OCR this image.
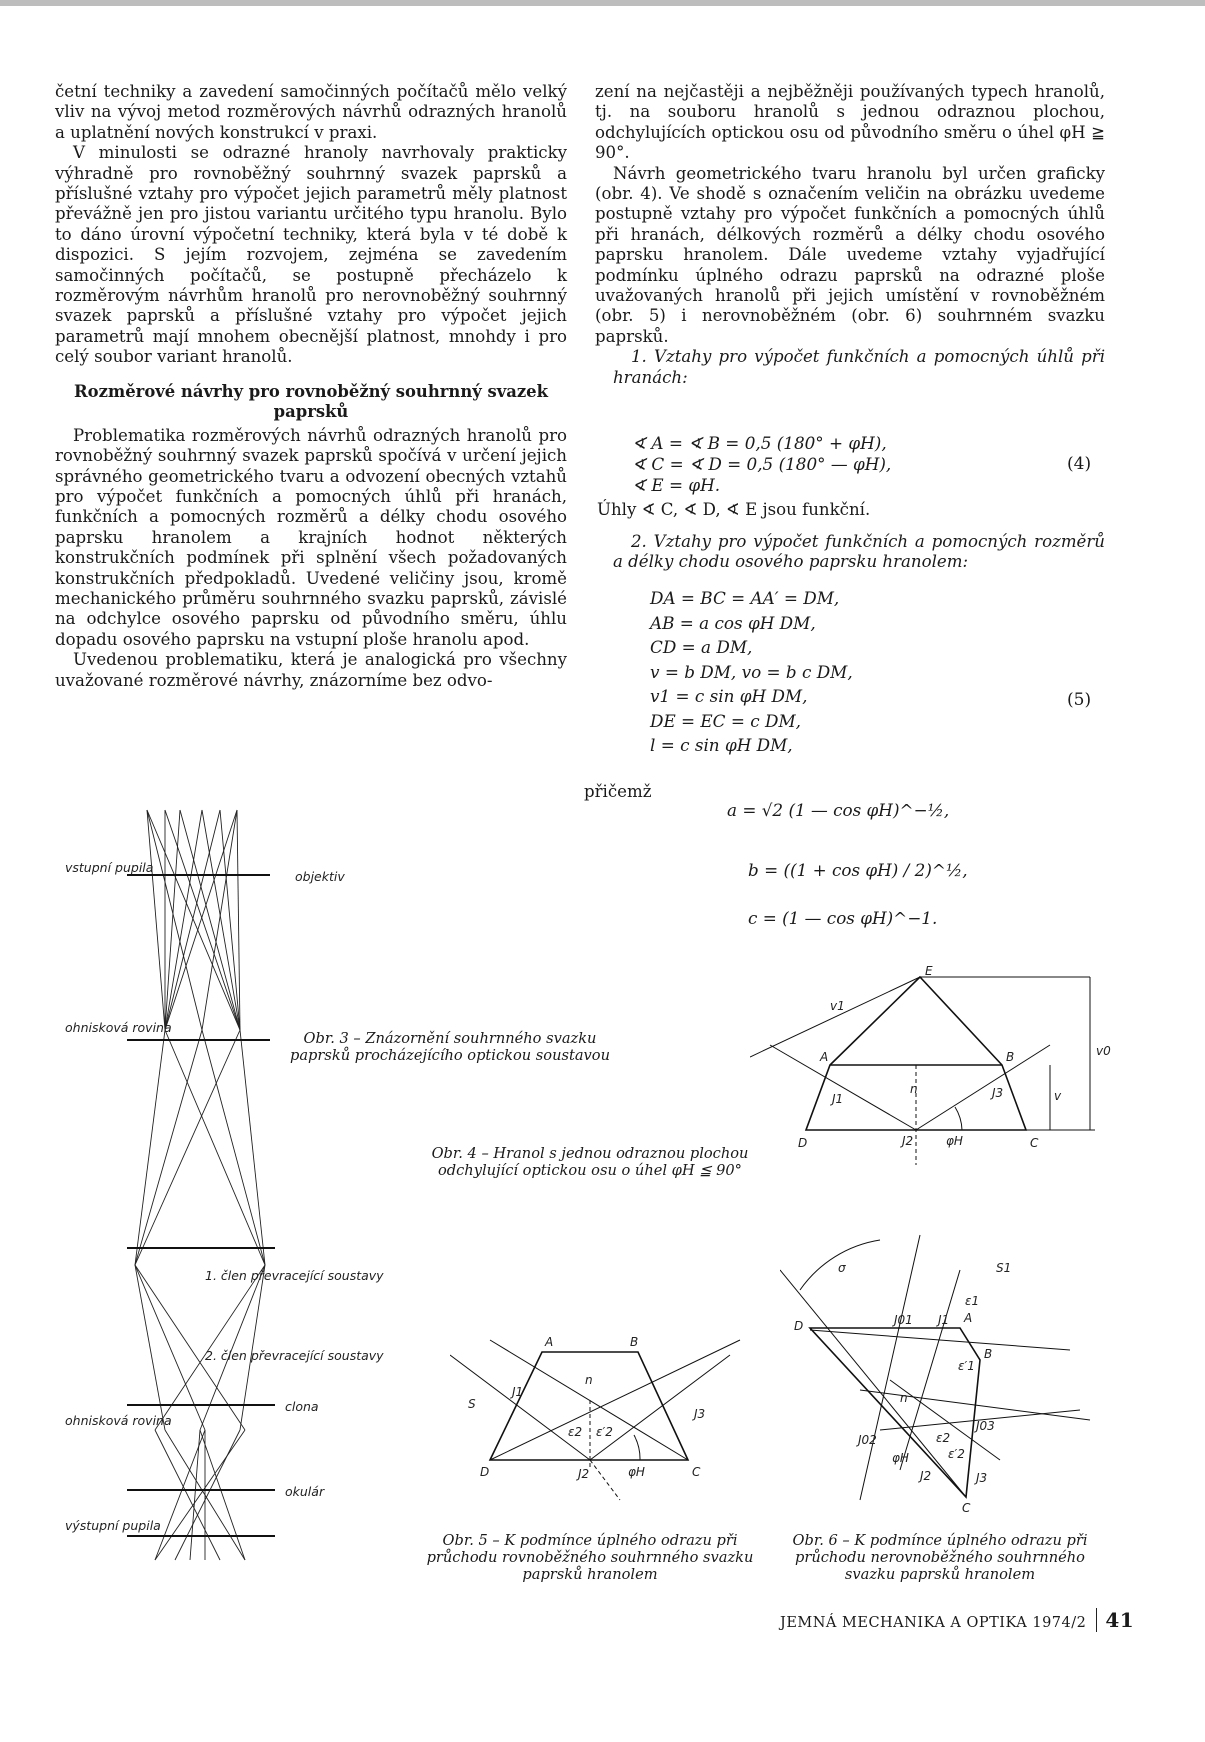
četní techniky a zavedení samočinných počítačů mělo velký vliv na vývoj metod rozměrových návrhů odrazných hranolů a uplatnění nových konstrukcí v praxi.

V minulosti se odrazné hranoly navrhovaly prakticky výhradně pro rovnoběžný souhrnný svazek paprsků a příslušné vztahy pro výpočet jejich parametrů měly platnost převážně jen pro jistou variantu určitého typu hranolu. Bylo to dáno úrovní výpočetní techniky, která byla v té době k dispozici. S jejím rozvojem, zejména se zavedením samočinných počítačů, se postupně přecházelo k rozměrovým návrhům hranolů pro nerovnoběžný souhrnný svazek paprsků a příslušné vztahy pro výpočet jejich parametrů mají mnohem obecnější platnost, mnohdy i pro celý soubor variant hranolů.

Rozměrové návrhy pro rovnoběžný souhrnný svazek paprsků

Problematika rozměrových návrhů odrazných hranolů pro rovnoběžný souhrnný svazek paprsků spočívá v určení jejich správného geometrického tvaru a odvození obecných vztahů pro výpočet funkčních a pomocných úhlů při hranách, funkčních a pomocných rozměrů a délky chodu osového paprsku hranolem a krajních hodnot některých konstrukčních podmínek při splnění všech požadovaných konstrukčních předpokladů. Uvedené veličiny jsou, kromě mechanického průměru souhrnného svazku paprsků, závislé na odchylce osového paprsku od původního směru, úhlu dopadu osového paprsku na vstupní ploše hranolu apod.

Uvedenou problematiku, která je analogická pro všechny uvažované rozměrové návrhy, znázorníme bez odvo-

zení na nejčastěji a nejběžněji používaných typech hranolů, tj. na souboru hranolů s jednou odraznou plochou, odchylujících optickou osu od původního směru o úhel φH ≧ 90°.

Návrh geometrického tvaru hranolu byl určen graficky (obr. 4). Ve shodě s označením veličin na obrázku uvedeme postupně vztahy pro výpočet funkčních a pomocných úhlů při hranách, délkových rozměrů a délky chodu osového paprsku hranolem. Dále uvedeme vztahy vyjadřující podmínku úplného odrazu paprsků na odrazné ploše uvažovaných hranolů při jejich umístění v rovnoběžném (obr. 5) i nerovnoběžném (obr. 6) souhrnném svazku paprsků.

1. Vztahy pro výpočet funkčních a pomocných úhlů při hranách:

∢ A = ∢ B = 0,5 (180° + φH),
∢ C = ∢ D = 0,5 (180° — φH),
∢ E = φH.
(4)
Úhly ∢ C, ∢ D, ∢ E jsou funkční.

2. Vztahy pro výpočet funkčních a pomocných rozměrů a délky chodu osového paprsku hranolem:

DA = BC = AA′ = DM,
AB = a cos φH DM,
CD = a DM,
v = b DM, vo = b c DM,
v1 = c sin φH DM,
DE = EC = c DM,
l = c sin φH DM,
(5)
přičemž
a = √2 (1 — cos φH)^−½,
b = ((1 + cos φH) / 2)^½,
c = (1 — cos φH)^−1.
vstupní pupila
objektiv
ohnisková rovina
1. člen převracející soustavy
2. člen převracející soustavy
ohnisková rovina
clona
okulár
výstupní pupila
Obr. 3 – Znázornění souhrnného svazku paprsků procházejícího optickou soustavou
E
A	B
D	C
n
J1
J2
J3
v1
v0
v
φH
Obr. 4 – Hranol s jednou odraznou plochou odchylující optickou osu o úhel φH ≦ 90°
A	B
D	C
S
n
J1
J2
J3
ε2 ε′2
φH
Obr. 5 – K podmínce úplného odrazu při průchodu rovnoběžného souhrnného svazku paprsků hranolem
σ	S1
D
A
B
C
n
J01 J1
J02
J03
J2	J3
ε1
ε′1
ε2
ε′2
φH
Obr. 6 – K podmínce úplného odrazu při průchodu nerovnoběžného souhrnného svazku paprsků hranolem
JEMNÁ MECHANIKA A OPTIKA 1974/2 41
